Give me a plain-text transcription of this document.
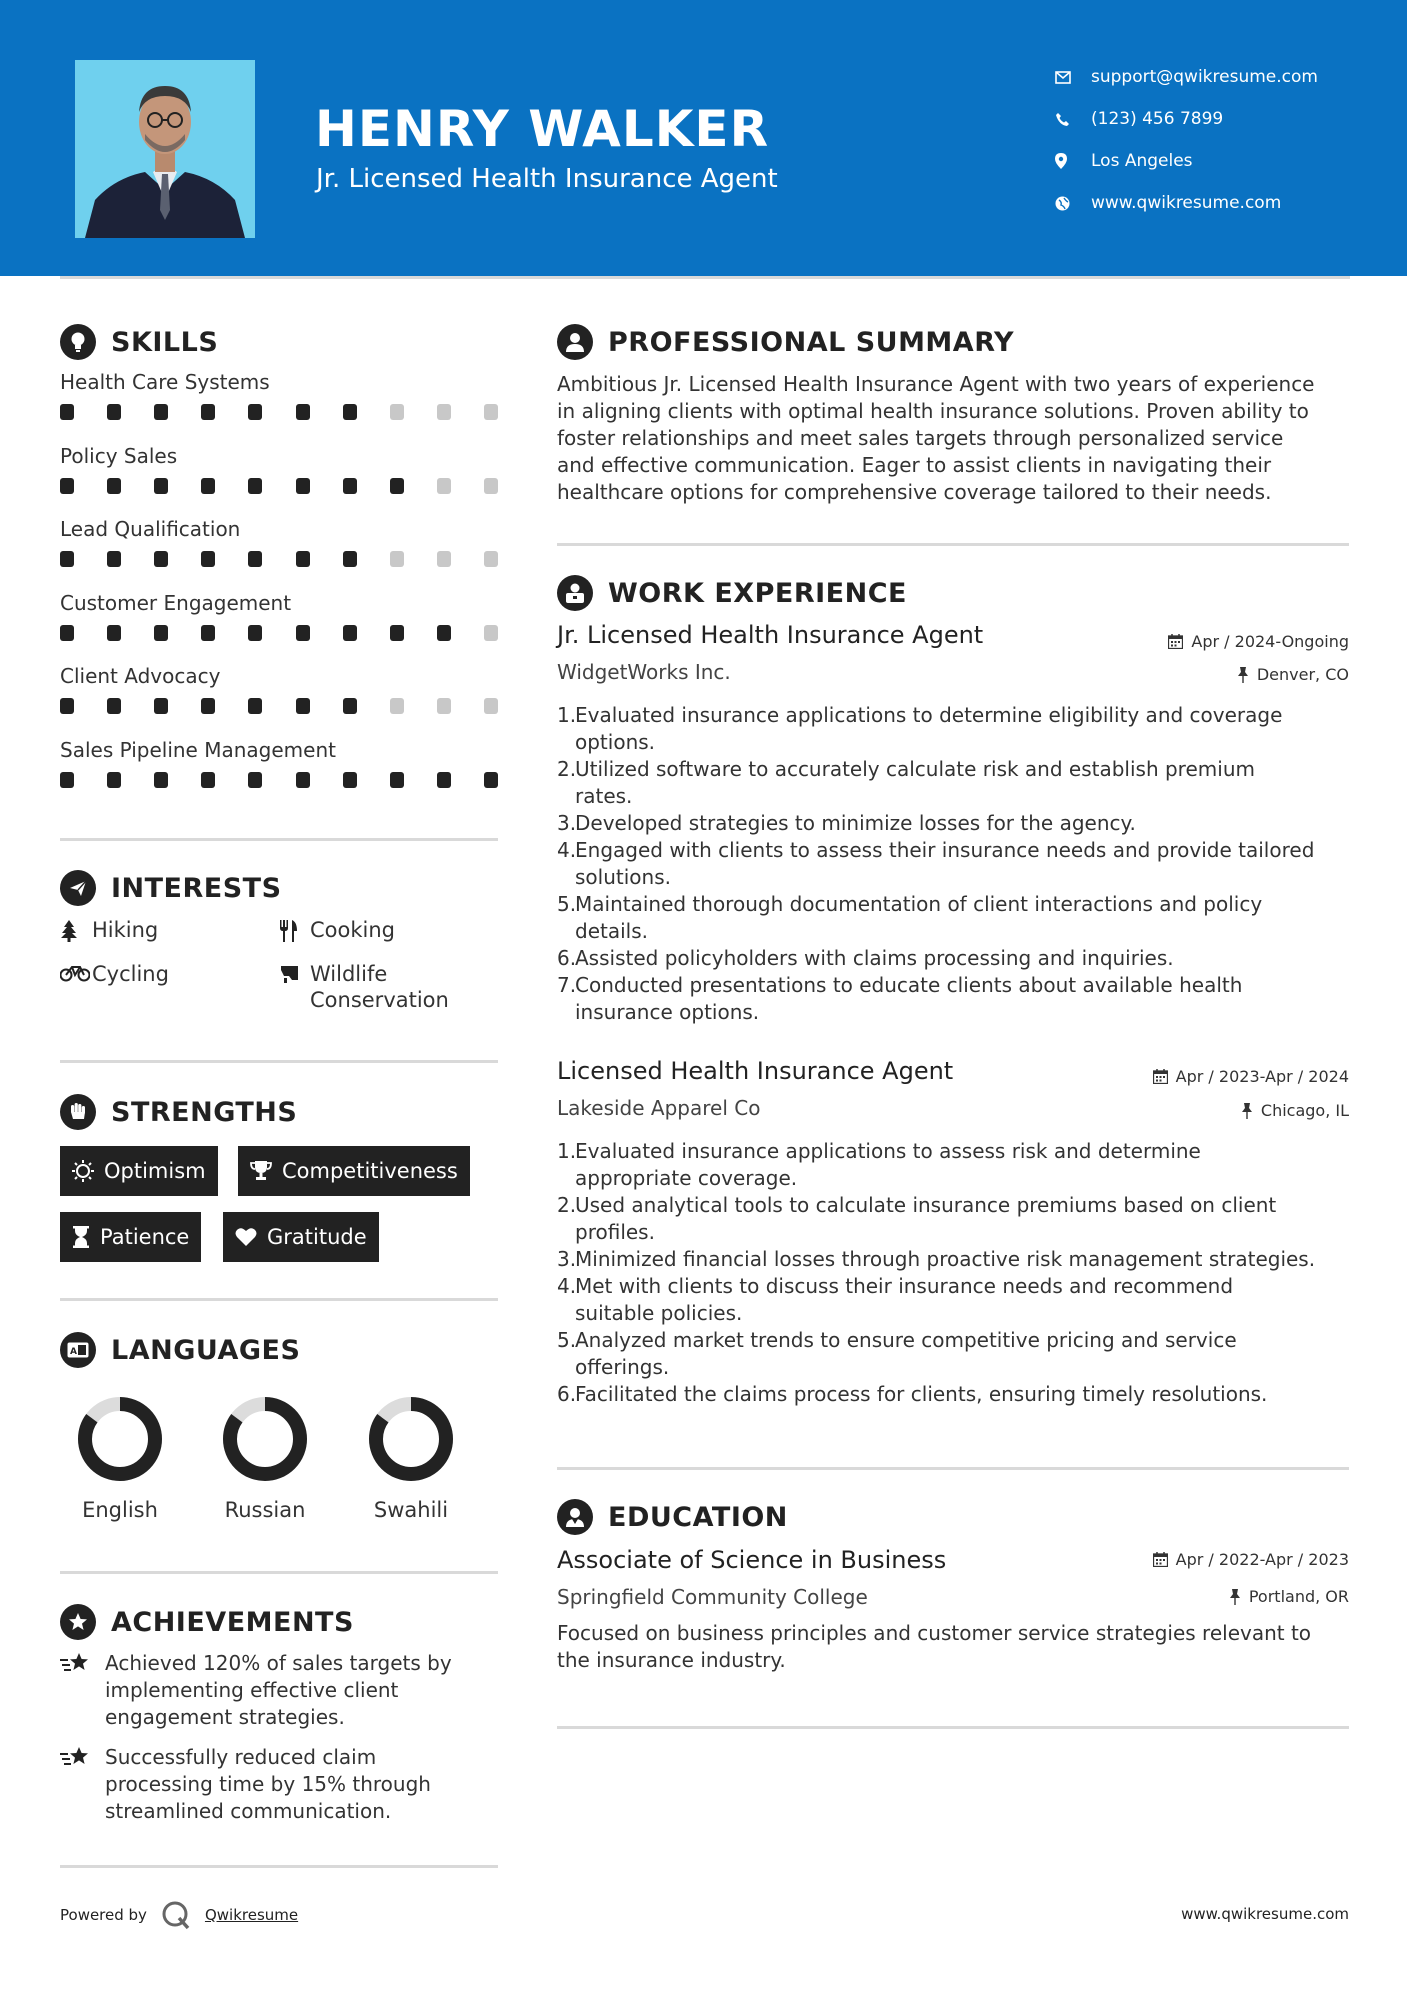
HENRY WALKER
Jr. Licensed Health Insurance Agent
support@qwikresume.com
(123) 456 7899
Los Angeles
www.qwikresume.com
SKILLS
Health Care Systems
Policy Sales
Lead Qualification
Customer Engagement
Client Advocacy
Sales Pipeline Management
INTERESTS
Hiking	Cooking
Cycling	Wildlife
Conservation
STRENGTHS
Optimism	Competitiveness
Patience	Gratitude
A LANGUAGES
English	Russian	Swahili
ACHIEVEMENTS
Achieved 120% of sales targets by
implementing effective client
engagement strategies.
Successfully reduced claim
processing time by 15% through
streamlined communication.
PROFESSIONAL SUMMARY
Ambitious Jr. Licensed Health Insurance Agent with two years of experience
in aligning clients with optimal health insurance solutions. Proven ability to
foster relationships and meet sales targets through personalized service
and effective communication. Eager to assist clients in navigating their
healthcare options for comprehensive coverage tailored to their needs.
WORK EXPERIENCE
Jr. Licensed Health Insurance Agent	Apr / 2024-Ongoing
WidgetWorks Inc.	Denver, CO
Evaluated insurance applications to determine eligibility and coverage
options.
Utilized software to accurately calculate risk and establish premium
rates.
Developed strategies to minimize losses for the agency.
Engaged with clients to assess their insurance needs and provide tailored
solutions.
Maintained thorough documentation of client interactions and policy
details.
Assisted policyholders with claims processing and inquiries.
Conducted presentations to educate clients about available health
insurance options.
Licensed Health Insurance Agent	Apr / 2023-Apr / 2024
Lakeside Apparel Co	Chicago, IL
Evaluated insurance applications to assess risk and determine
appropriate coverage.
Used analytical tools to calculate insurance premiums based on client
profiles.
Minimized financial losses through proactive risk management strategies.
Met with clients to discuss their insurance needs and recommend
suitable policies.
Analyzed market trends to ensure competitive pricing and service
offerings.
Facilitated the claims process for clients, ensuring timely resolutions.
EDUCATION
Associate of Science in Business	Apr / 2022-Apr / 2023
Springfield Community College	Portland, OR
Focused on business principles and customer service strategies relevant to
the insurance industry.
Powered by	Qwikresume	www.qwikresume.com
